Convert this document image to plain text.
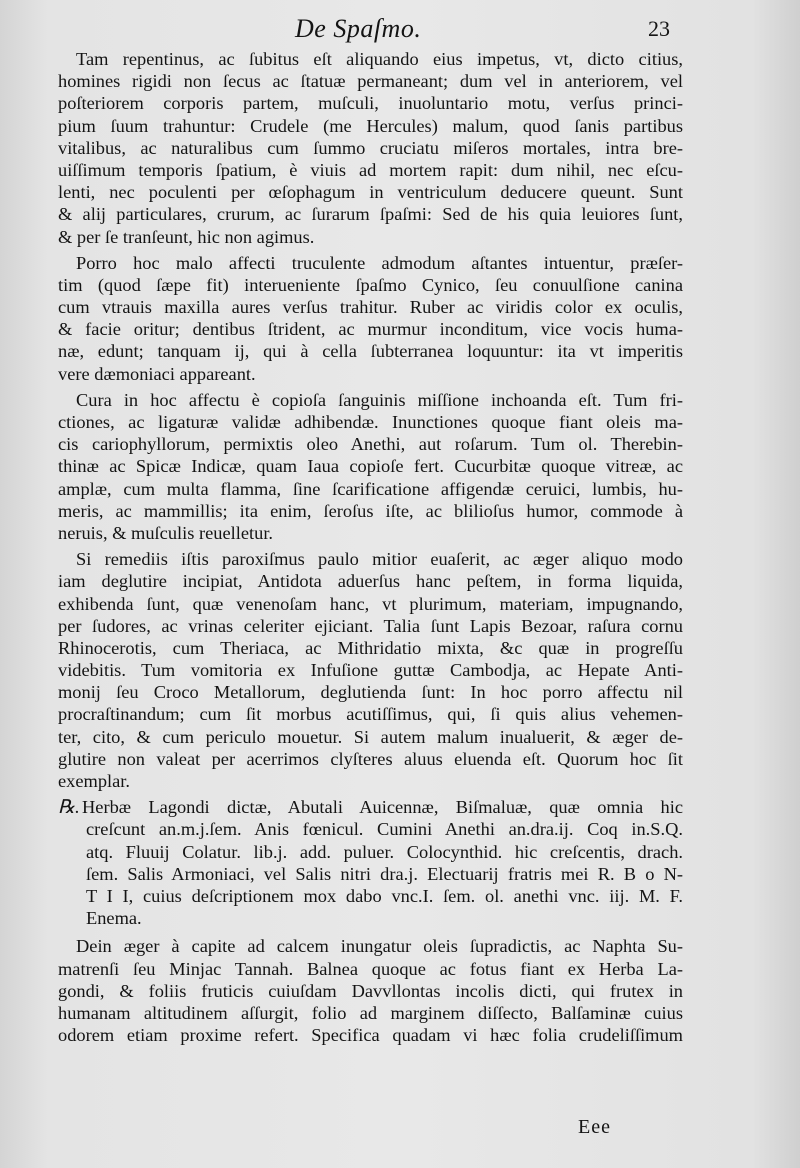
De Spaſmo.	23
Tam repentinus, ac ſubitus eſt aliquando eius impetus, vt, dicto citius,
homines rigidi non ſecus ac ſtatuæ permaneant; dum vel in anteriorem, vel
poſteriorem corporis partem, muſculi, inuoluntario motu, verſus princi-
pium ſuum trahuntur: Crudele (me Hercules) malum, quod ſanis partibus
vitalibus, ac naturalibus cum ſummo cruciatu miſeros mortales, intra bre-
uiſſimum temporis ſpatium, è viuis ad mortem rapit: dum nihil, nec eſcu-
lenti, nec poculenti per œſophagum in ventriculum deducere queunt. Sunt
& alij particulares, crurum, ac ſurarum ſpaſmi: Sed de his quia leuiores ſunt,
& per ſe tranſeunt, hic non agimus.
Porro hoc malo affecti truculente admodum aſtantes intuentur, præſer-
tim (quod ſæpe fit) interueniente ſpaſmo Cynico, ſeu conuulſione canina
cum vtrauis maxilla aures verſus trahitur. Ruber ac viridis color ex oculis,
& facie oritur; dentibus ſtrident, ac murmur inconditum, vice vocis huma-
næ, edunt; tanquam ij, qui à cella ſubterranea loquuntur: ita vt imperitis
vere dæmoniaci appareant.
Cura in hoc affectu è copioſa ſanguinis miſſione inchoanda eſt. Tum fri-
ctiones, ac ligaturæ validæ adhibendæ. Inunctiones quoque fiant oleis ma-
cis cariophyllorum, permixtis oleo Anethi, aut roſarum. Tum ol. Therebin-
thinæ ac Spicæ Indicæ, quam Iaua copioſe fert. Cucurbitæ quoque vitreæ, ac
amplæ, cum multa flamma, ſine ſcarificatione affigendæ ceruici, lumbis, hu-
meris, ac mammillis; ita enim, ſeroſus iſte, ac blilioſus humor, commode à
neruis, & muſculis reuelletur.
Si remediis iſtis paroxiſmus paulo mitior euaſerit, ac æger aliquo modo
iam deglutire incipiat, Antidota aduerſus hanc peſtem, in forma liquida,
exhibenda ſunt, quæ venenoſam hanc, vt plurimum, materiam, impugnando,
per ſudores, ac vrinas celeriter ejiciant. Talia ſunt Lapis Bezoar, raſura cornu
Rhinocerotis, cum Theriaca, ac Mithridatio mixta, &c quæ in progreſſu
videbitis. Tum vomitoria ex Infuſione guttæ Cambodja, ac Hepate Anti-
monij ſeu Croco Metallorum, deglutienda ſunt: In hoc porro affectu nil
procraſtinandum; cum ſit morbus acutiſſimus, qui, ſi quis alius vehemen-
ter, cito, & cum periculo mouetur. Si autem malum inualuerit, & æger de-
glutire non valeat per acerrimos clyſteres aluus eluenda eſt. Quorum hoc ſit
exemplar.
℞. Herbæ Lagondi dictæ, Abutali Auicennæ, Biſmaluæ, quæ omnia hic
creſcunt an.m.j.ſem. Anis fœnicul. Cumini Anethi an.dra.ij. Coq in.S.Q.
atq. Fluuij Colatur. lib.j. add. puluer. Colocynthid. hic creſcentis, drach.
ſem. Salis Armoniaci, vel Salis nitri dra.j. Electuarij fratris mei R. B o N-
T I I, cuius deſcriptionem mox dabo vnc.I. ſem. ol. anethi vnc. iij. M. F.
Enema.
Dein æger à capite ad calcem inungatur oleis ſupradictis, ac Naphta Su-
matrenſi ſeu Minjac Tannah. Balnea quoque ac fotus fiant ex Herba La-
gondi, & foliis fruticis cuiuſdam Davvllontas incolis dicti, qui frutex in
humanam altitudinem aſſurgit, folio ad marginem diſſecto, Balſaminæ cuius
odorem etiam proxime refert. Specifica quadam vi hæc folia crudeliſſimum
Eee
